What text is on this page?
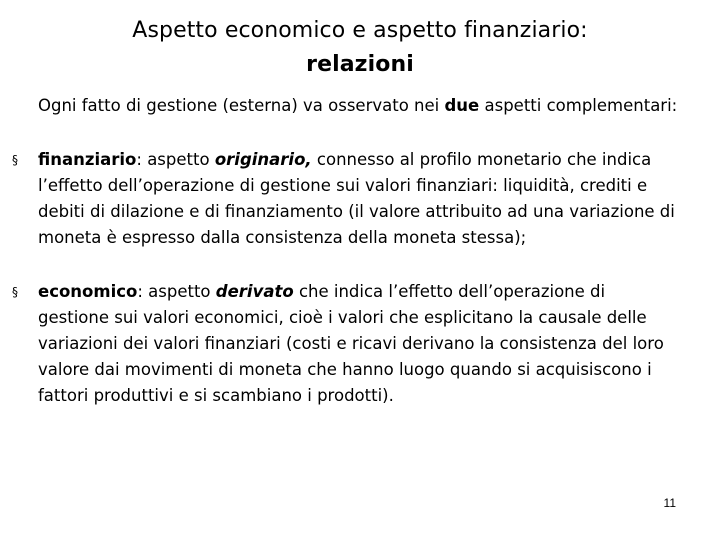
Aspetto economico e aspetto finanziario:
relazioni
Ogni fatto di gestione (esterna) va osservato nei due aspetti complementari:
§ finanziario: aspetto originario, connesso al profilo monetario che indica l’effetto dell’operazione di gestione sui valori finanziari: liquidità, crediti e debiti di dilazione e di finanziamento (il valore attribuito ad una variazione di moneta è espresso dalla consistenza della moneta stessa);
§ economico: aspetto derivato che indica l’effetto dell’operazione di gestione sui valori economici, cioè i valori che esplicitano la causale delle variazioni dei valori finanziari (costi e ricavi derivano la consistenza del loro valore dai movimenti di moneta che hanno luogo quando si acquisiscono i fattori produttivi e si scambiano i prodotti).
11
